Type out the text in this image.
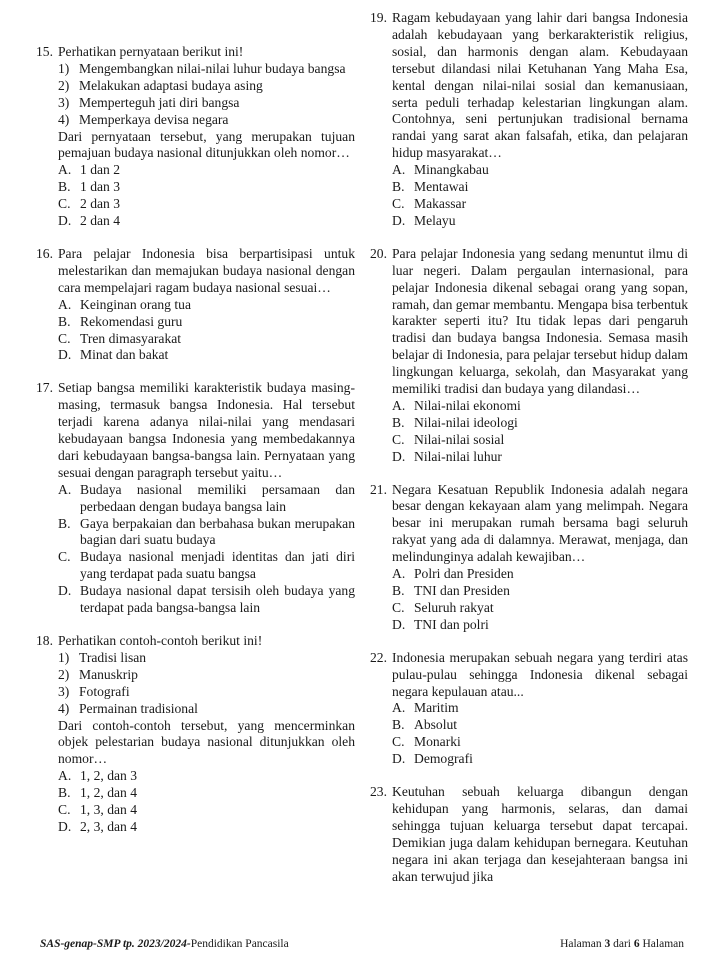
15. Perhatikan pernyataan berikut ini!
1) Mengembangkan nilai-nilai luhur budaya bangsa
2) Melakukan adaptasi budaya asing
3) Memperteguh jati diri bangsa
4) Memperkaya devisa negara
Dari pernyataan tersebut, yang merupakan tujuan pemajuan budaya nasional ditunjukkan oleh nomor…
A. 1 dan 2
B. 1 dan 3
C. 2 dan 3
D. 2 dan 4
16. Para pelajar Indonesia bisa berpartisipasi untuk melestarikan dan memajukan budaya nasional dengan cara mempelajari ragam budaya nasional sesuai…
A. Keinginan orang tua
B. Rekomendasi guru
C. Tren dimasyarakat
D. Minat dan bakat
17. Setiap bangsa memiliki karakteristik budaya masing-masing, termasuk bangsa Indonesia. Hal tersebut terjadi karena adanya nilai-nilai yang mendasari kebudayaan bangsa Indonesia yang membedakannya dari kebudayaan bangsa-bangsa lain. Pernyataan yang sesuai dengan paragraph tersebut yaitu…
A. Budaya nasional memiliki persamaan dan perbedaan dengan budaya bangsa lain
B. Gaya berpakaian dan berbahasa bukan merupakan bagian dari suatu budaya
C. Budaya nasional menjadi identitas dan jati diri yang terdapat pada suatu bangsa
D. Budaya nasional dapat tersisih oleh budaya yang terdapat pada bangsa-bangsa lain
18. Perhatikan contoh-contoh berikut ini!
1) Tradisi lisan
2) Manuskrip
3) Fotografi
4) Permainan tradisional
Dari contoh-contoh tersebut, yang mencerminkan objek pelestarian budaya nasional ditunjukkan oleh nomor…
A. 1, 2, dan 3
B. 1, 2, dan 4
C. 1, 3, dan 4
D. 2, 3, dan 4
19. Ragam kebudayaan yang lahir dari bangsa Indonesia adalah kebudayaan yang berkarakteristik religius, sosial, dan harmonis dengan alam. Kebudayaan tersebut dilandasi nilai Ketuhanan Yang Maha Esa, kental dengan nilai-nilai sosial dan kemanusiaan, serta peduli terhadap kelestarian lingkungan alam. Contohnya, seni pertunjukan tradisional bernama randai yang sarat akan falsafah, etika, dan pelajaran hidup masyarakat…
A. Minangkabau
B. Mentawai
C. Makassar
D. Melayu
20. Para pelajar Indonesia yang sedang menuntut ilmu di luar negeri. Dalam pergaulan internasional, para pelajar Indonesia dikenal sebagai orang yang sopan, ramah, dan gemar membantu. Mengapa bisa terbentuk karakter seperti itu? Itu tidak lepas dari pengaruh tradisi dan budaya bangsa Indonesia. Semasa masih belajar di Indonesia, para pelajar tersebut hidup dalam lingkungan keluarga, sekolah, dan Masyarakat yang memiliki tradisi dan budaya yang dilandasi…
A. Nilai-nilai ekonomi
B. Nilai-nilai ideologi
C. Nilai-nilai sosial
D. Nilai-nilai luhur
21. Negara Kesatuan Republik Indonesia adalah negara besar dengan kekayaan alam yang melimpah. Negara besar ini merupakan rumah bersama bagi seluruh rakyat yang ada di dalamnya. Merawat, menjaga, dan melindunginya adalah kewajiban…
A. Polri dan Presiden
B. TNI dan Presiden
C. Seluruh rakyat
D. TNI dan polri
22. Indonesia merupakan sebuah negara yang terdiri atas pulau-pulau sehingga Indonesia dikenal sebagai negara kepulauan atau...
A. Maritim
B. Absolut
C. Monarki
D. Demografi
23. Keutuhan sebuah keluarga dibangun dengan kehidupan yang harmonis, selaras, dan damai sehingga tujuan keluarga tersebut dapat tercapai. Demikian juga dalam kehidupan bernegara. Keutuhan negara ini akan terjaga dan kesejahteraan bangsa ini akan terwujud jika
SAS-genap-SMP tp. 2023/2024-Pendidikan Pancasila	Halaman 3 dari 6 Halaman
